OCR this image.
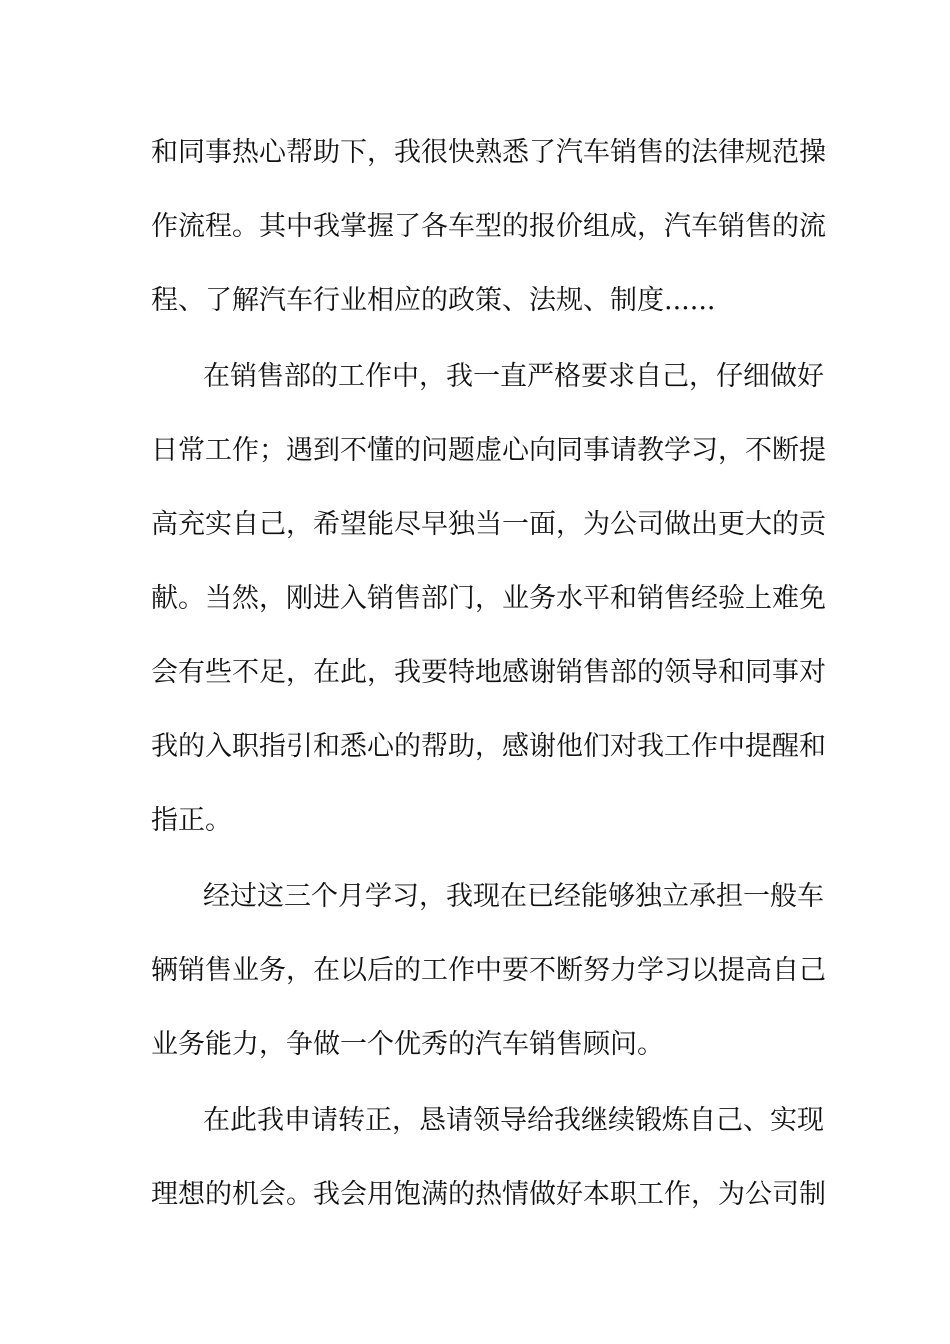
和同事热心帮助下，我很快熟悉了汽车销售的法律规范操
作流程。其中我掌握了各车型的报价组成，汽车销售的流
程、了解汽车行业相应的政策、法规、制度......
在销售部的工作中，我一直严格要求自己，仔细做好
日常工作；遇到不懂的问题虚心向同事请教学习，不断提
高充实自己，希望能尽早独当一面，为公司做出更大的贡
献。当然，刚进入销售部门，业务水平和销售经验上难免
会有些不足，在此，我要特地感谢销售部的领导和同事对
我的入职指引和悉心的帮助，感谢他们对我工作中提醒和
指正。
经过这三个月学习，我现在已经能够独立承担一般车
辆销售业务，在以后的工作中要不断努力学习以提高自己
业务能力，争做一个优秀的汽车销售顾问。
在此我申请转正，恳请领导给我继续锻炼自己、实现
理想的机会。我会用饱满的热情做好本职工作，为公司制
